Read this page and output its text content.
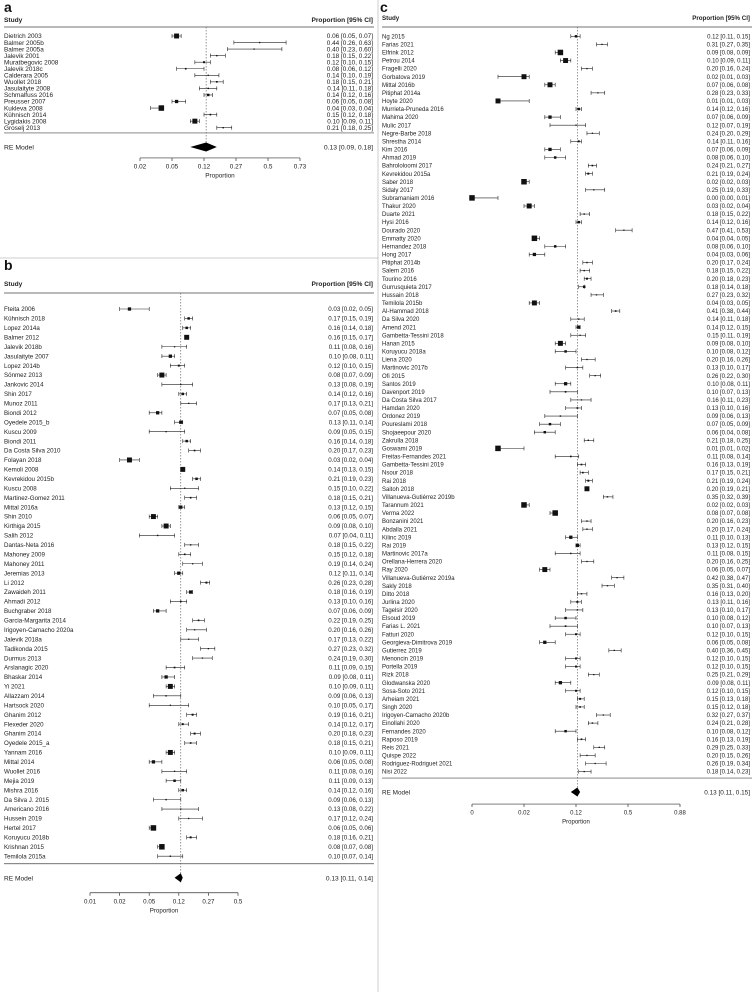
a
Study	Proportion [95% CI]
Dietrich 2003	0.06 [0.05, 0.07]
Balmer 2005b	0.44 [0.26, 0.63]
Balmer 2005a	0.40 [0.23, 0.60]
Jalevik 2001	0.18 [0.15, 0.22]
Muratbegovic 2008	0.12 [0.10, 0.15]
Jalevik 2018c	0.08 [0.06, 0.12]
Calderara 2005	0.14 [0.10, 0.19]
Wuollet 2018	0.18 [0.15, 0.21]
Jasulaityte 2008	0.14 [0.11, 0.18]
Schmalfuss 2016	0.14 [0.12, 0.16]
Preusser 2007	0.06 [0.05, 0.08]
Kukleva 2008	0.04 [0.03, 0.04]
Kühnisch 2014	0.15 [0.12, 0.18]
Lygidakis 2008	0.10 [0.09, 0.11]
Groselj 2013	0.21 [0.18, 0.25]
RE Model	0.13 [0.09, 0.18]
0.02	0.05	0.12	0.27	0.5	0.73
Proportion
b
Study	Proportion [95% CI]
Fteita 2006	0.03 [0.02, 0.05]
Kühnisch 2018	0.17 [0.15, 0.19]
Lopez 2014a	0.16 [0.14, 0.18]
Balmer 2012	0.16 [0.15, 0.17]
Jalevik 2018b	0.11 [0.08, 0.16]
Jasulaityte 2007	0.10 [0.08, 0.11]
Lopez 2014b	0.12 [0.10, 0.15]
Sönmez 2013	0.08 [0.07, 0.09]
Jankovic 2014	0.13 [0.08, 0.19]
Shin 2017	0.14 [0.12, 0.16]
Munoz 2011	0.17 [0.13, 0.21]
Biondi 2012	0.07 [0.05, 0.08]
Oyedele 2015_b	0.13 [0.11, 0.14]
Kuscu 2009	0.09 [0.05, 0.15]
Biondi 2011	0.16 [0.14, 0.18]
Da Costa Silva 2010	0.20 [0.17, 0.23]
Folayan 2018	0.03 [0.02, 0.04]
Kemoli 2008	0.14 [0.13, 0.15]
Kevrekidou 2015b	0.21 [0.19, 0.23]
Kuscu 2008	0.15 [0.10, 0.22]
Martinez-Gomez 2011	0.18 [0.15, 0.21]
Mittal 2016a	0.13 [0.12, 0.15]
Shin 2010	0.06 [0.05, 0.07]
Kirthiga 2015	0.09 [0.08, 0.10]
Salih 2012	0.07 [0.04, 0.11]
Dantas-Neta 2016	0.18 [0.15, 0.22]
Mahoney 2009	0.15 [0.12, 0.18]
Mahoney 2011	0.19 [0.14, 0.24]
Jeremias 2013	0.12 [0.11, 0.14]
Li 2012	0.26 [0.23, 0.28]
Zawaideh 2011	0.18 [0.16, 0.19]
Ahmadi 2012	0.13 [0.10, 0.16]
Buchgraber 2018	0.07 [0.06, 0.09]
Garcia-Margarita 2014	0.22 [0.19, 0.25]
Irigoyen-Camacho 2020a	0.20 [0.16, 0.26]
Jalevik 2018a	0.17 [0.13, 0.22]
Tadikonda 2015	0.27 [0.23, 0.32]
Durmus 2013	0.24 [0.19, 0.30]
Arslanagic 2020	0.11 [0.09, 0.15]
Bhaskar 2014	0.09 [0.08, 0.11]
Yi 2021	0.10 [0.09, 0.11]
Allazzam 2014	0.09 [0.06, 0.13]
Hartsock 2020	0.10 [0.05, 0.17]
Ghanim 2012	0.19 [0.16, 0.21]
Flexeder 2020	0.14 [0.12, 0.17]
Ghanim 2014	0.20 [0.18, 0.23]
Oyedele 2015_a	0.18 [0.15, 0.21]
Yannam 2016	0.10 [0.09, 0.11]
Mittal 2014	0.06 [0.05, 0.08]
Wuollet 2016	0.11 [0.08, 0.16]
Mejia 2019	0.11 [0.09, 0.13]
Mishra 2016	0.14 [0.12, 0.16]
Da Silva J. 2015	0.09 [0.06, 0.13]
Americano 2016	0.13 [0.08, 0.22]
Hussein 2019	0.17 [0.12, 0.24]
Hertel 2017	0.06 [0.05, 0.06]
Koruyucu 2018b	0.18 [0.16, 0.21]
Krishnan 2015	0.08 [0.07, 0.08]
Temilola 2015a	0.10 [0.07, 0.14]
RE Model	0.13 [0.11, 0.14]
0.01	0.02	0.05	0.12	0.27	0.5
Proportion
c
Study	Proportion [95% CI]
Ng 2015	0.12 [0.11, 0.15]
Farias 2021	0.31 [0.27, 0.35]
Elfrink 2012	0.09 [0.08, 0.09]
Petrou 2014	0.10 [0.09, 0.11]
Fragelli 2020	0.20 [0.16, 0.24]
Gorbatova 2019	0.02 [0.01, 0.03]
Mittal 2016b	0.07 [0.06, 0.08]
Pitiphat 2014a	0.28 [0.23, 0.33]
Hoyte 2020	0.01 [0.01, 0.03]
Murrieta-Pruneda 2016	0.14 [0.12, 0.16]
Mahima 2020	0.07 [0.06, 0.09]
Mulic 2017	0.12 [0.07, 0.19]
Negre-Barbe 2018	0.24 [0.20, 0.29]
Shrestha 2014	0.14 [0.11, 0.16]
Kim 2016	0.07 [0.06, 0.09]
Ahmad 2019	0.08 [0.06, 0.10]
Bahrololoomi 2017	0.24 [0.21, 0.27]
Kevrekidou 2015a	0.21 [0.19, 0.24]
Saber 2018	0.02 [0.02, 0.03]
Sidaly 2017	0.25 [0.19, 0.33]
Subramaniam 2016	0.00 [0.00, 0.01]
Thakur 2020	0.03 [0.02, 0.04]
Duarte 2021	0.18 [0.15, 0.22]
Hysi 2016	0.14 [0.12, 0.16]
Dourado 2020	0.47 [0.41, 0.53]
Emmatty 2020	0.04 [0.04, 0.05]
Hernandez 2018	0.08 [0.06, 0.10]
Hong 2017	0.04 [0.03, 0.06]
Pitiphat 2014b	0.20 [0.17, 0.24]
Salem 2016	0.18 [0.15, 0.22]
Tourino 2016	0.20 [0.18, 0.23]
Gurrusquieta 2017	0.18 [0.14, 0.18]
Hussain 2018	0.27 [0.23, 0.32]
Temilola 2015b	0.04 [0.03, 0.05]
Al-Hammad 2018	0.41 [0.38, 0.44]
Da Silva 2020	0.14 [0.11, 0.18]
Amend 2021	0.14 [0.12, 0.15]
Gambetta-Tessini 2018	0.15 [0.11, 0.19]
Hanan 2015	0.09 [0.08, 0.10]
Koruyucu 2018a	0.10 [0.08, 0.12]
Liena 2020	0.20 [0.16, 0.26]
Martinovic 2017b	0.13 [0.10, 0.17]
Ofi 2015	0.26 [0.22, 0.30]
Santos 2019	0.10 [0.08, 0.11]
Davenport 2019	0.10 [0.07, 0.13]
Da Costa Silva 2017	0.16 [0.11, 0.23]
Hamdan 2020	0.13 [0.10, 0.16]
Ordonez 2019	0.09 [0.06, 0.13]
Poureslami 2018	0.07 [0.05, 0.09]
Shojaeepour 2020	0.06 [0.04, 0.08]
Zakrulla 2018	0.21 [0.18, 0.25]
Goswami 2019	0.01 [0.01, 0.02]
Freitas-Fernandes 2021	0.11 [0.08, 0.14]
Gambetta-Tessini 2019	0.16 [0.13, 0.19]
Nsour 2018	0.17 [0.15, 0.21]
Rai 2018	0.21 [0.19, 0.24]
Saitoh 2018	0.20 [0.19, 0.21]
Villanueva-Gutiérrez 2019b	0.35 [0.32, 0.39]
Tarannum 2021	0.02 [0.02, 0.03]
Verma 2022	0.08 [0.07, 0.08]
Bonzanini 2021	0.20 [0.16, 0.23]
Abdalla 2021	0.20 [0.17, 0.24]
Kilinc 2019	0.11 [0.10, 0.13]
Rai 2019	0.13 [0.12, 0.15]
Martinovic 2017a	0.11 [0.08, 0.15]
Orellana-Herrera 2020	0.20 [0.16, 0.25]
Ray 2020	0.06 [0.05, 0.07]
Villanueva-Gutiérrez 2019a	0.42 [0.38, 0.47]
Sakly 2018	0.35 [0.31, 0.40]
Ditto 2018	0.16 [0.13, 0.20]
Jurlina 2020	0.13 [0.11, 0.16]
Tagelsir 2020	0.13 [0.10, 0.17]
Elsoud 2019	0.10 [0.08, 0.12]
Farias L. 2021	0.10 [0.07, 0.13]
Fatturi 2020	0.12 [0.10, 0.15]
Georgieva-Dimitrova 2019	0.06 [0.05, 0.08]
Gutierrez 2019	0.40 [0.36, 0.45]
Menoncin 2019	0.12 [0.10, 0.15]
Portella 2019	0.12 [0.10, 0.15]
Rizk 2018	0.25 [0.21, 0.29]
Glodwanska 2020	0.09 [0.08, 0.11]
Sosa-Soto 2021	0.12 [0.10, 0.15]
Arheiam 2021	0.15 [0.13, 0.18]
Singh 2020	0.15 [0.12, 0.18]
Irigoyen-Camacho 2020b	0.32 [0.27, 0.37]
Einollahi 2020	0.24 [0.21, 0.28]
Fernandes 2020	0.10 [0.08, 0.12]
Raposo 2019	0.16 [0.13, 0.19]
Reis 2021	0.29 [0.25, 0.33]
Quispe 2022	0.20 [0.15, 0.26]
Rodriguez-Rodriguet 2021	0.26 [0.19, 0.34]
Nisi 2022	0.18 [0.14, 0.23]
RE Model	0.13 [0.11, 0.15]
0	0.02	0.12	0.5	0.88
Proportion
